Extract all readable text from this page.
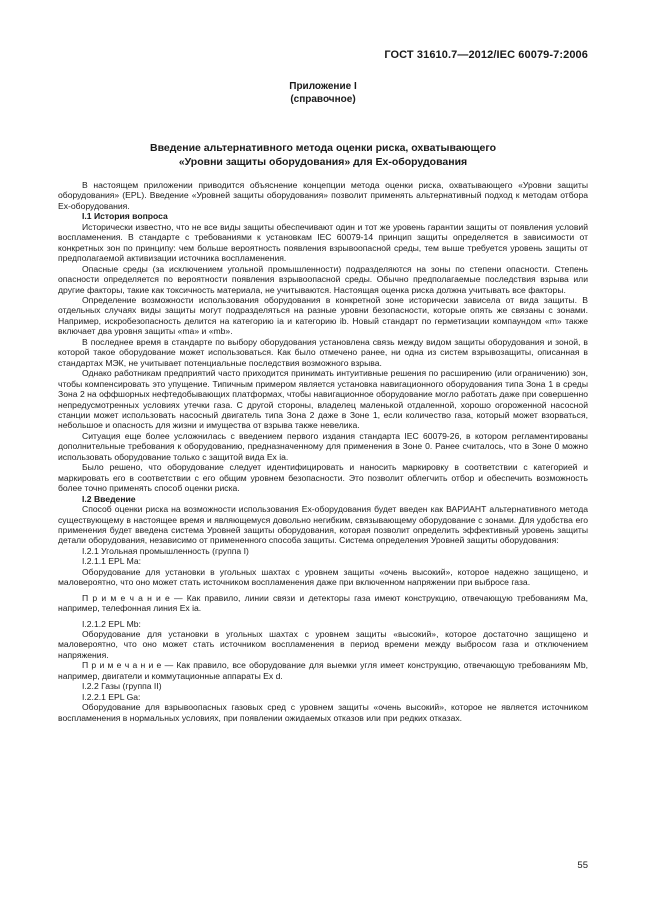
ГОСТ 31610.7—2012/IEC 60079-7:2006
Приложение I
(справочное)
Введение альтернативного метода оценки риска, охватывающего
«Уровни защиты оборудования» для Ех-оборудования

В настоящем приложении приводится объяснение концепции метода оценки риска, охватывающего «Уровни защиты оборудования» (EPL). Введение «Уровней защиты оборудования» позволит применять альтернативный подход к методам отбора Ех-оборудования.

I.1 История вопроса

Исторически известно, что не все виды защиты обеспечивают один и тот же уровень гарантии защиты от появления условий воспламенения. В стандарте с требованиями к установкам IEC 60079-14 принцип защиты определяется в зависимости от конкретных зон по принципу: чем больше вероятность появления взрывоопасной среды, тем выше требуется уровень защиты от предполагаемой активизации источника воспламенения.

Опасные среды (за исключением угольной промышленности) подразделяются на зоны по степени опасности. Степень опасности определяется по вероятности появления взрывоопасной среды. Обычно предполагаемые последствия взрыва или другие факторы, такие как токсичность материала, не учитываются. Настоящая оценка риска должна учитывать все факторы.

Определение возможности использования оборудования в конкретной зоне исторически зависела от вида защиты. В отдельных случаях виды защиты могут подразделяться на разные уровни безопасности, которые опять же связаны с зонами. Например, искробезопасность делится на категорию ia и категорию ib. Новый стандарт по герметизации компаундом «m» также включает два уровня защиты «ma» и «mb».

В последнее время в стандарте по выбору оборудования установлена связь между видом защиты оборудования и зоной, в которой такое оборудование может использоваться. Как было отмечено ранее, ни одна из систем взрывозащиты, описанная в стандартах МЭК, не учитывает потенциальные последствия возможного взрыва.

Однако работникам предприятий часто приходится принимать интуитивные решения по расширению (или ограничению) зон, чтобы компенсировать это упущение. Типичным примером является установка навигационного оборудования типа Зона 1 в среды Зона 2 на оффшорных нефтедобывающих платформах, чтобы навигационное оборудование могло работать даже при совершенно непредусмотренных условиях утечки газа. С другой стороны, владелец маленькой отдаленной, хорошо огороженной насосной станции может использовать насосный двигатель типа Зона 2 даже в Зоне 1, если количество газа, который может взорваться, небольшое и опасность для жизни и имущества от взрыва также невелика.

Ситуация еще более усложнилась с введением первого издания стандарта IEC 60079-26, в котором регламентированы дополнительные требования к оборудованию, предназначенному для применения в Зоне 0. Ранее считалось, что в Зоне 0 можно использовать оборудование только с защитой вида Ex ia.

Было решено, что оборудование следует идентифицировать и наносить маркировку в соответствии с категорией и маркировать его в соответствии с его общим уровнем безопасности. Это позволит облегчить отбор и обеспечить возможность более точно применять способ оценки риска.

I.2 Введение

Способ оценки риска на возможности использования Ех-оборудования будет введен как ВАРИАНТ альтернативного метода существующему в настоящее время и являющемуся довольно негибким, связывающему оборудование с зонами. Для удобства его применения будет введена система Уровней защиты оборудования, которая позволит определить эффективный уровень защиты детали оборудования, независимо от примененного способа защиты. Система определения Уровней защиты оборудования:

I.2.1 Угольная промышленность (группа I)

I.2.1.1 EPL Ма:

Оборудование для установки в угольных шахтах с уровнем защиты «очень высокий», которое надежно защищено, и маловероятно, что оно может стать источником воспламенения даже при включенном напряжении при выбросе газа.

П р и м е ч а н и е — Как правило, линии связи и детекторы газа имеют конструкцию, отвечающую требованиям Ма, например, телефонная линия Ex ia.

I.2.1.2 EPL Mb:

Оборудование для установки в угольных шахтах с уровнем защиты «высокий», которое достаточно защищено и маловероятно, что оно может стать источником воспламенения в период времени между выбросом газа и отключением напряжения.

П р и м е ч а н и е — Как правило, все оборудование для выемки угля имеет конструкцию, отвечающую требованиям Mb, например, двигатели и коммутационные аппараты Ex d.

I.2.2 Газы (группа II)

I.2.2.1 EPL Ga:

Оборудование для взрывоопасных газовых сред с уровнем защиты «очень высокий», которое не является источником воспламенения в нормальных условиях, при появлении ожидаемых отказов или при редких отказах.

55
